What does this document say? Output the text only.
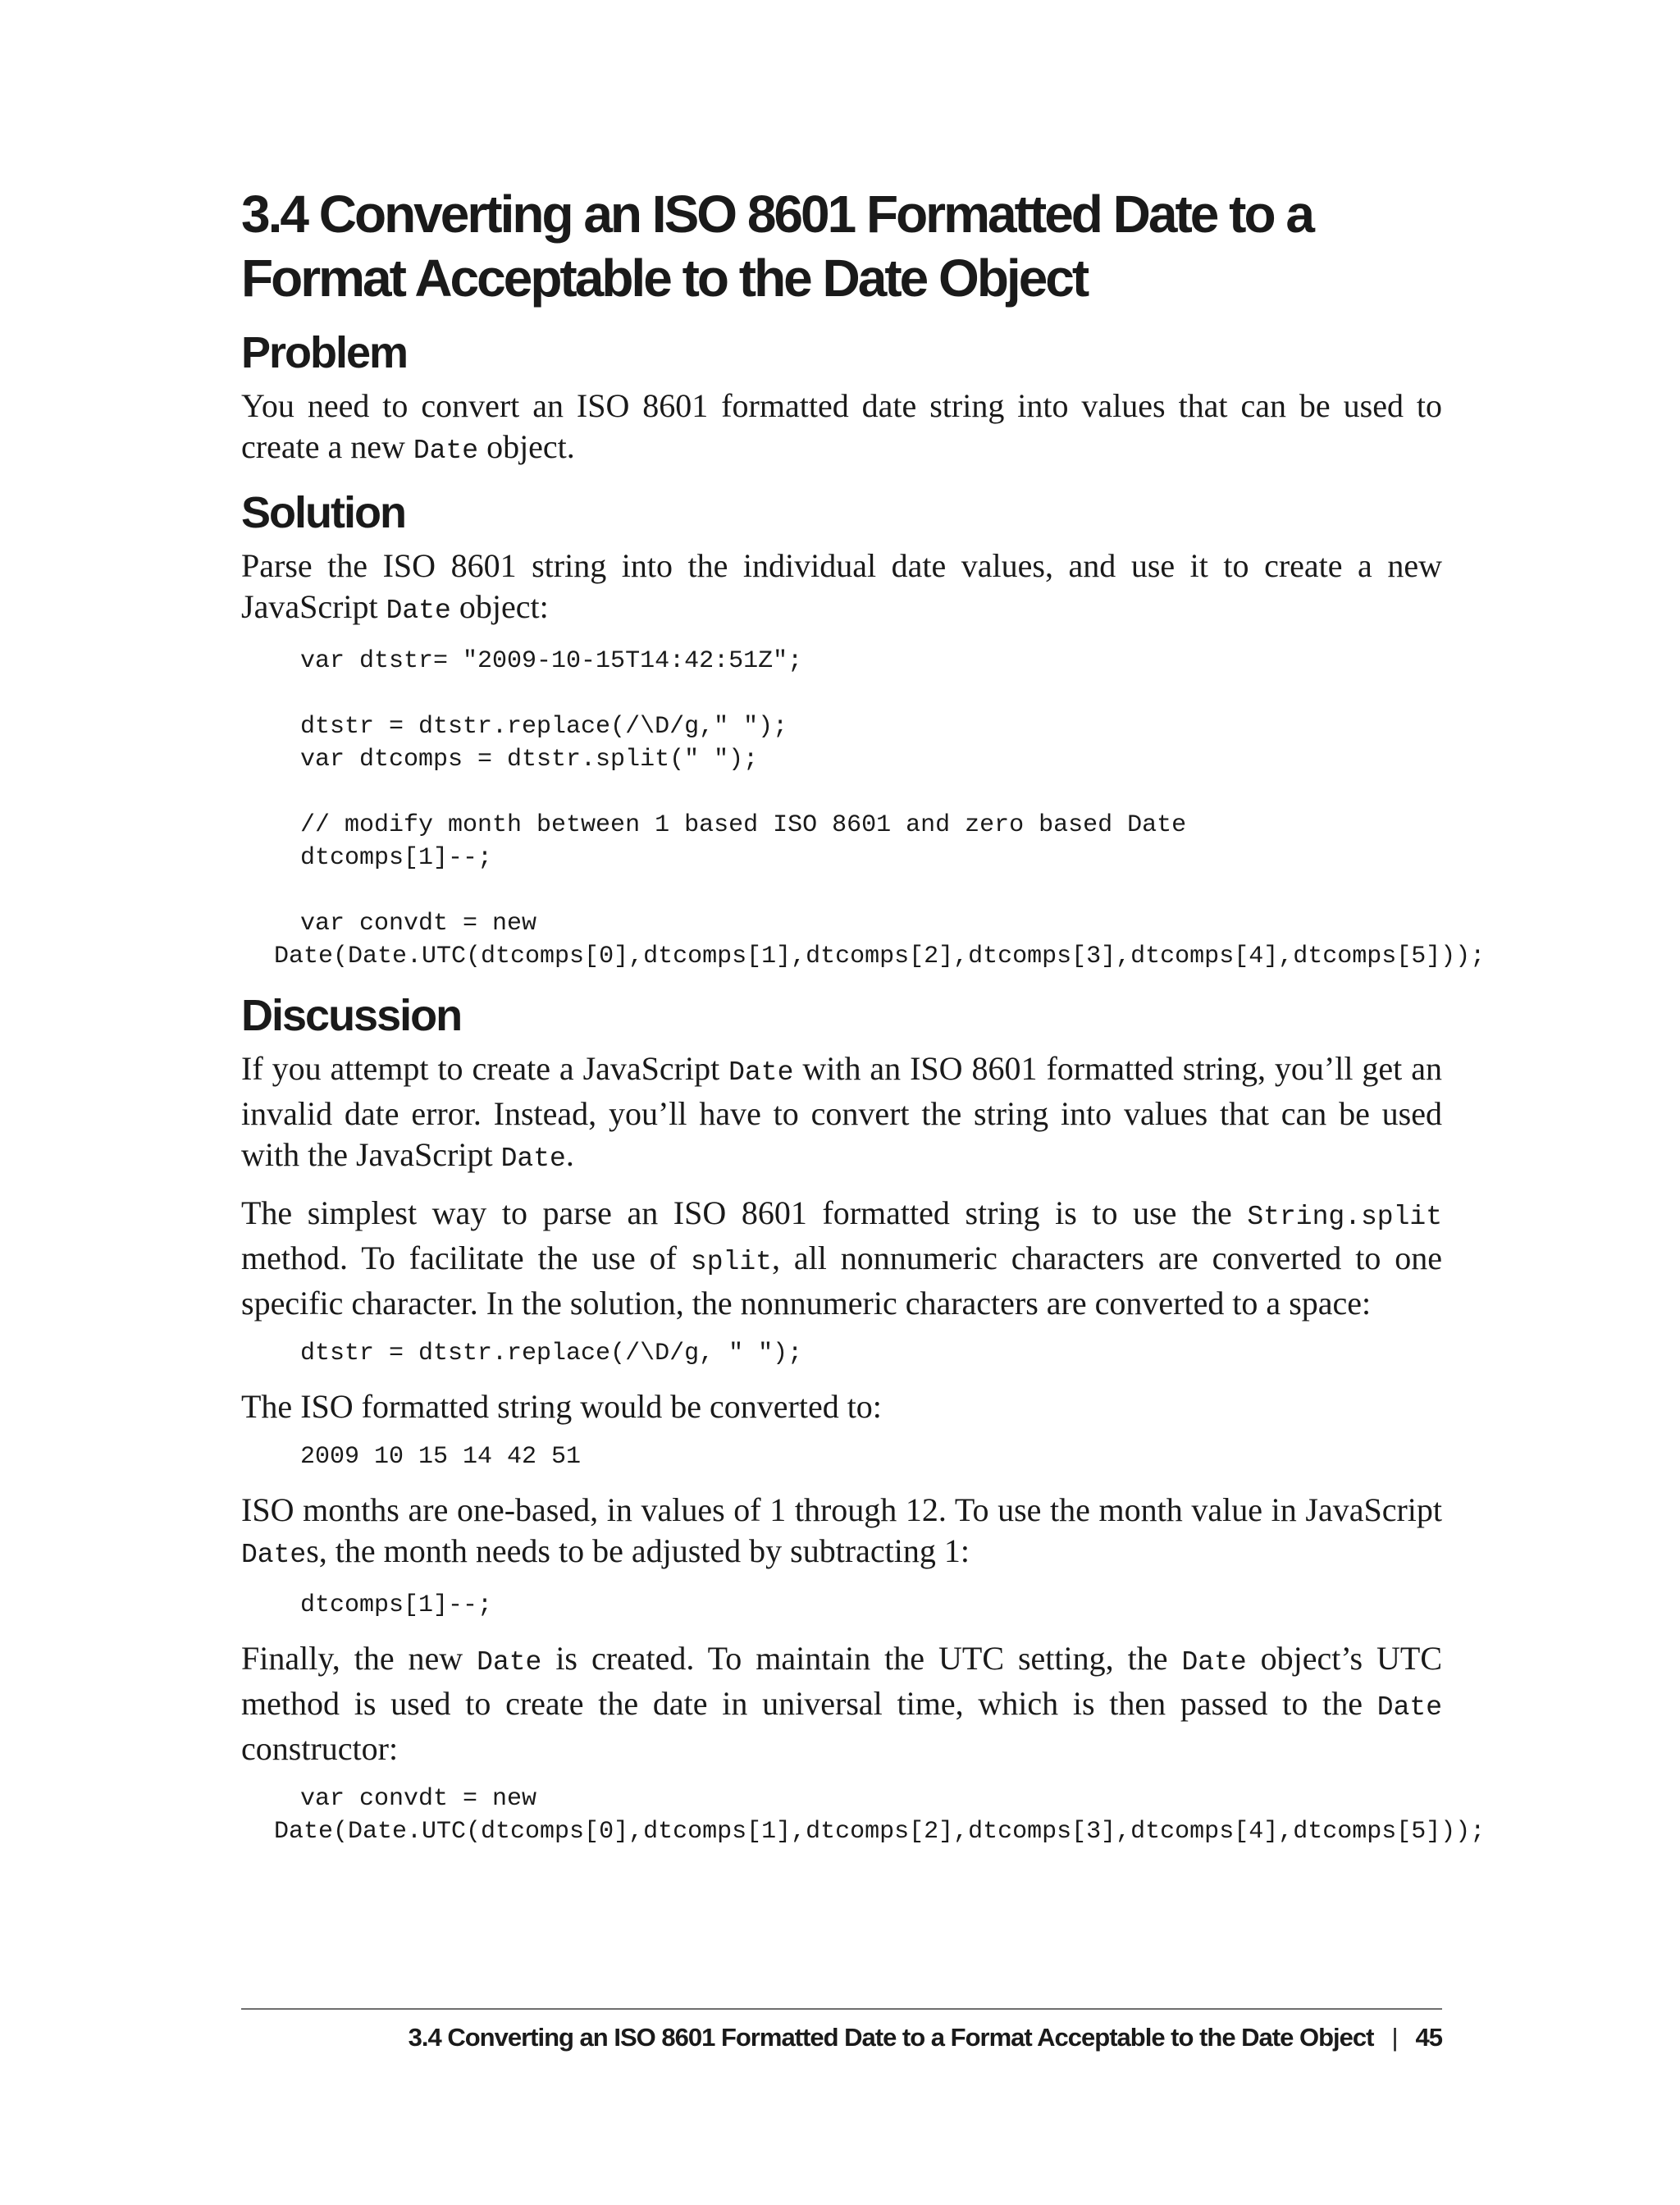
3.4 Converting an ISO 8601 Formatted Date to a Format Acceptable to the Date Object
Problem

You need to convert an ISO 8601 formatted date string into values that can be used to create a new Date object.

Solution

Parse the ISO 8601 string into the individual date values, and use it to create a new JavaScript Date object:

var dtstr= "2009-10-15T14:42:51Z";
dtstr = dtstr.replace(/\D/g," ");
var dtcomps = dtstr.split(" ");
// modify month between 1 based ISO 8601 and zero based Date
dtcomps[1]--;
var convdt = new
Date(Date.UTC(dtcomps[0],dtcomps[1],dtcomps[2],dtcomps[3],dtcomps[4],dtcomps[5]));
Discussion

If you attempt to create a JavaScript Date with an ISO 8601 formatted string, you’ll get an invalid date error. Instead, you’ll have to convert the string into values that can be used with the JavaScript Date.

The simplest way to parse an ISO 8601 formatted string is to use the String.split method. To facilitate the use of split, all nonnumeric characters are converted to one specific character. In the solution, the nonnumeric characters are converted to a space:

dtstr = dtstr.replace(/\D/g, " ");

The ISO formatted string would be converted to:

2009 10 15 14 42 51

ISO months are one-based, in values of 1 through 12. To use the month value in JavaScript Dates, the month needs to be adjusted by subtracting 1:

dtcomps[1]--;

Finally, the new Date is created. To maintain the UTC setting, the Date object’s UTC method is used to create the date in universal time, which is then passed to the Date constructor:

var convdt = new
Date(Date.UTC(dtcomps[0],dtcomps[1],dtcomps[2],dtcomps[3],dtcomps[4],dtcomps[5]));
3.4 Converting an ISO 8601 Formatted Date to a Format Acceptable to the Date Object | 45
